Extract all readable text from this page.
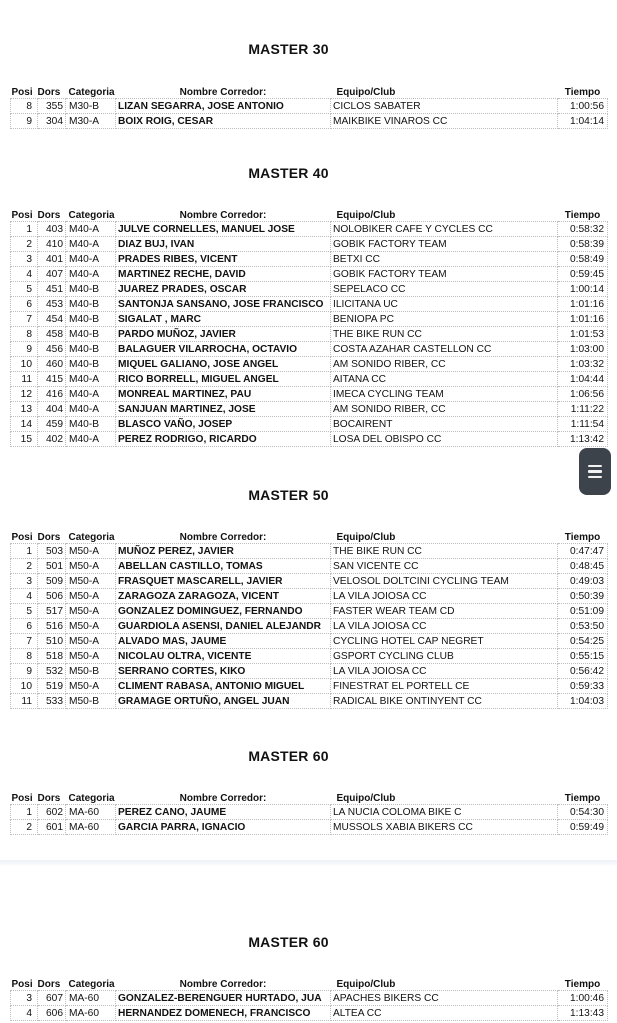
MASTER 30
Posi	Dors	Categoria	Nombre Corredor:	Equipo/Club	Tiempo
8	355	M30-B	LIZAN SEGARRA, JOSE ANTONIO	CICLOS SABATER	1:00:56
9	304	M30-A	BOIX ROIG, CESAR	MAIKBIKE VINAROS CC	1:04:14
MASTER 40
Posi	Dors	Categoria	Nombre Corredor:	Equipo/Club	Tiempo
1	403	M40-A	JULVE CORNELLES, MANUEL JOSE	NOLOBIKER CAFE Y CYCLES CC	0:58:32
2	410	M40-A	DIAZ BUJ, IVAN	GOBIK FACTORY TEAM	0:58:39
3	401	M40-A	PRADES RIBES, VICENT	BETXI CC	0:58:49
4	407	M40-A	MARTINEZ RECHE, DAVID	GOBIK FACTORY TEAM	0:59:45
5	451	M40-B	JUAREZ PRADES, OSCAR	SEPELACO CC	1:00:14
6	453	M40-B	SANTONJA SANSANO, JOSE FRANCISCO	ILICITANA UC	1:01:16
7	454	M40-B	SIGALAT , MARC	BENIOPA PC	1:01:16
8	458	M40-B	PARDO MUÑOZ, JAVIER	THE BIKE RUN CC	1:01:53
9	456	M40-B	BALAGUER VILARROCHA, OCTAVIO	COSTA AZAHAR CASTELLON CC	1:03:00
10	460	M40-B	MIQUEL GALIANO, JOSE ANGEL	AM SONIDO RIBER, CC	1:03:32
11	415	M40-A	RICO BORRELL, MIGUEL ANGEL	AITANA CC	1:04:44
12	416	M40-A	MONREAL MARTINEZ, PAU	IMECA CYCLING TEAM	1:06:56
13	404	M40-A	SANJUAN MARTINEZ, JOSE	AM SONIDO RIBER, CC	1:11:22
14	459	M40-B	BLASCO VAÑO, JOSEP	BOCAIRENT	1:11:54
15	402	M40-A	PEREZ RODRIGO, RICARDO	LOSA DEL OBISPO CC	1:13:42
MASTER 50
Posi	Dors	Categoria	Nombre Corredor:	Equipo/Club	Tiempo
1	503	M50-A	MUÑOZ PEREZ, JAVIER	THE BIKE RUN CC	0:47:47
2	501	M50-A	ABELLAN CASTILLO, TOMAS	SAN VICENTE CC	0:48:45
3	509	M50-A	FRASQUET MASCARELL, JAVIER	VELOSOL DOLTCINI CYCLING TEAM	0:49:03
4	506	M50-A	ZARAGOZA ZARAGOZA, VICENT	LA VILA JOIOSA CC	0:50:39
5	517	M50-A	GONZALEZ DOMINGUEZ, FERNANDO	FASTER WEAR TEAM CD	0:51:09
6	516	M50-A	GUARDIOLA ASENSI, DANIEL ALEJANDR	LA VILA JOIOSA CC	0:53:50
7	510	M50-A	ALVADO MAS, JAUME	CYCLING HOTEL CAP NEGRET	0:54:25
8	518	M50-A	NICOLAU OLTRA, VICENTE	GSPORT CYCLING CLUB	0:55:15
9	532	M50-B	SERRANO CORTES, KIKO	LA VILA JOIOSA CC	0:56:42
10	519	M50-A	CLIMENT RABASA, ANTONIO MIGUEL	FINESTRAT EL PORTELL CE	0:59:33
11	533	M50-B	GRAMAGE ORTUÑO, ANGEL JUAN	RADICAL BIKE ONTINYENT CC	1:04:03
MASTER 60
Posi	Dors	Categoria	Nombre Corredor:	Equipo/Club	Tiempo
1	602	MA-60	PEREZ CANO, JAUME	LA NUCIA COLOMA BIKE C	0:54:30
2	601	MA-60	GARCIA PARRA, IGNACIO	MUSSOLS XABIA BIKERS CC	0:59:49
MASTER 60
Posi	Dors	Categoria	Nombre Corredor:	Equipo/Club	Tiempo
3	607	MA-60	GONZALEZ-BERENGUER HURTADO, JUA	APACHES BIKERS CC	1:00:46
4	606	MA-60	HERNANDEZ DOMENECH, FRANCISCO	ALTEA CC	1:13:43
